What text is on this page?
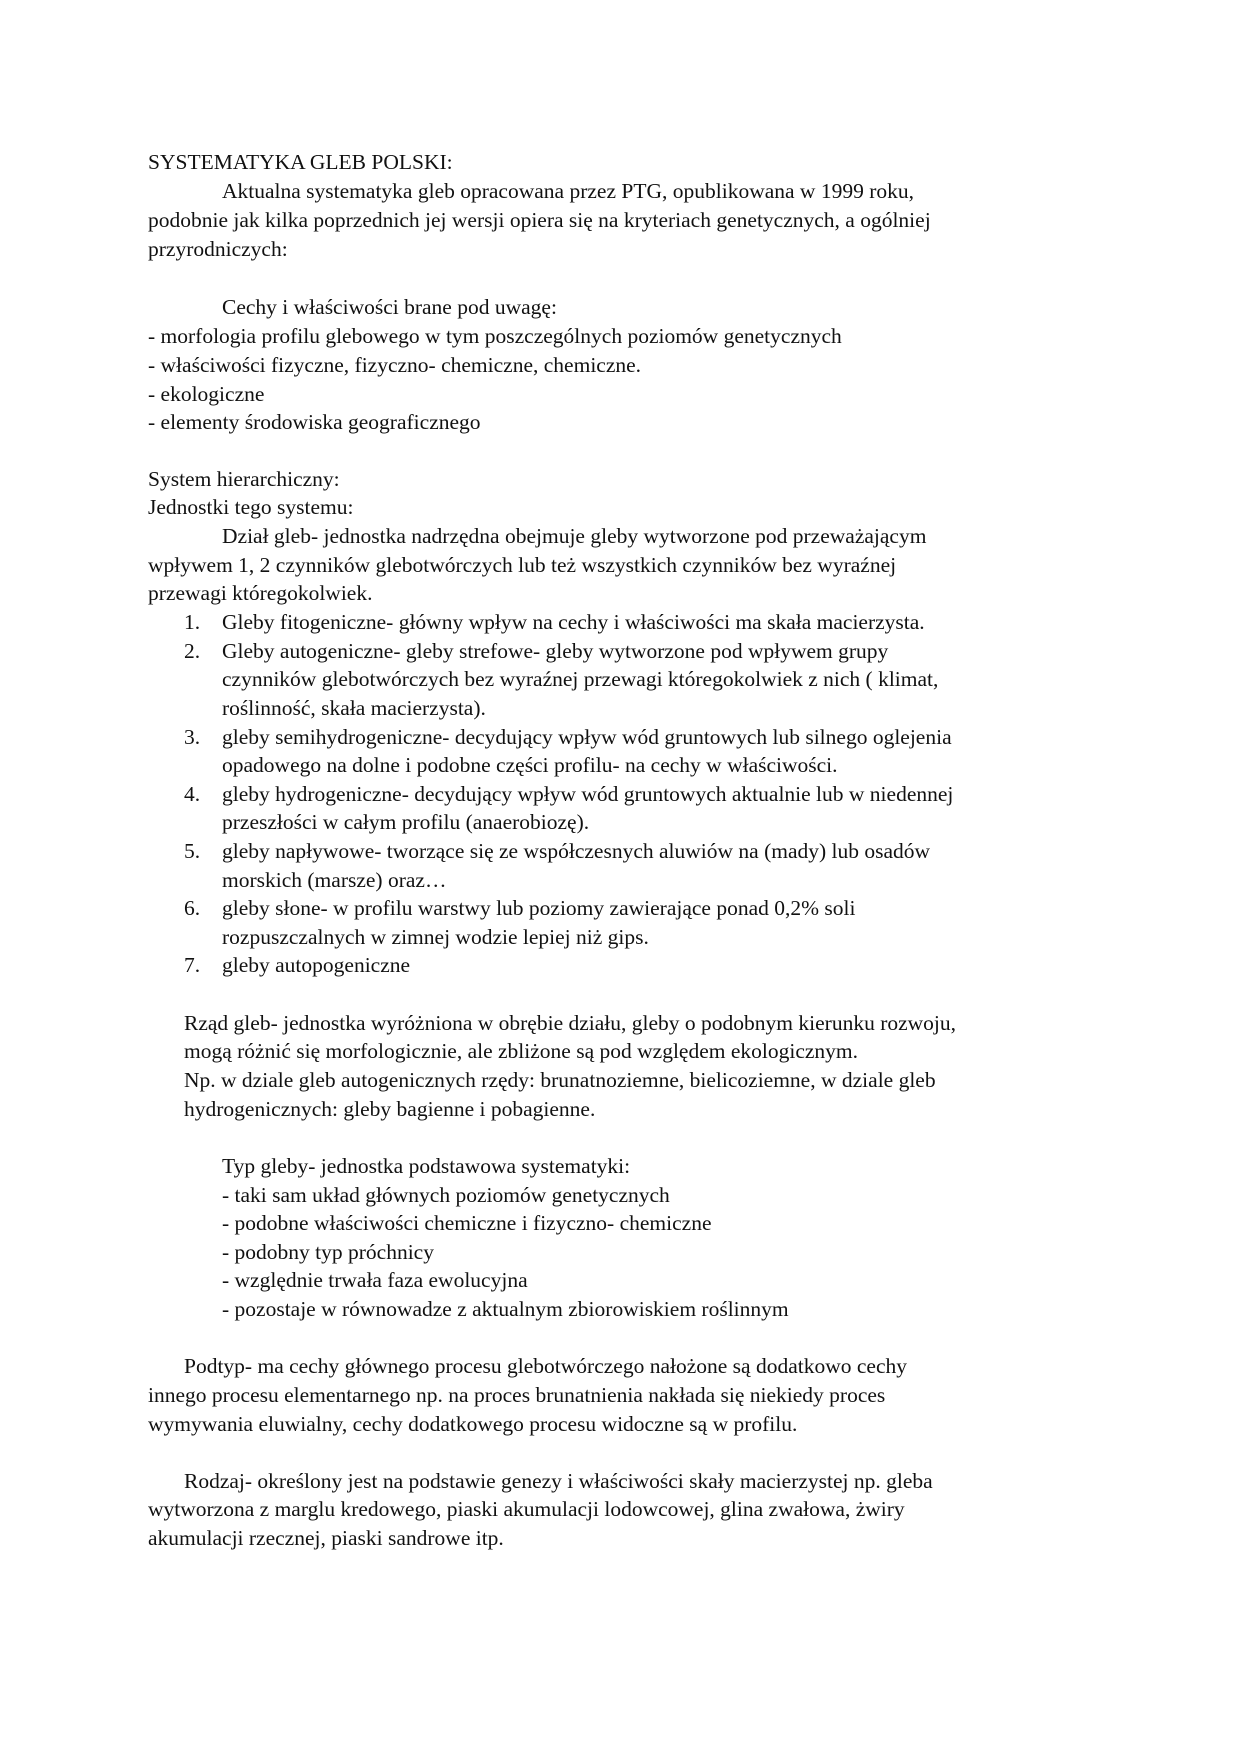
SYSTEMATYKA GLEB POLSKI:
Aktualna systematyka gleb opracowana przez PTG, opublikowana w 1999 roku,
podobnie jak kilka poprzednich jej wersji opiera się na kryteriach genetycznych, a ogólniej
przyrodniczych:
Cechy i właściwości brane pod uwagę:
- morfologia profilu glebowego w tym poszczególnych poziomów genetycznych
- właściwości fizyczne, fizyczno- chemiczne, chemiczne.
- ekologiczne
- elementy środowiska geograficznego
System hierarchiczny:
Jednostki tego systemu:
Dział gleb- jednostka nadrzędna obejmuje gleby wytworzone pod przeważającym
wpływem 1, 2 czynników glebotwórczych lub też wszystkich czynników bez wyraźnej
przewagi któregokolwiek.
1. Gleby fitogeniczne- główny wpływ na cechy i właściwości ma skała macierzysta.
2. Gleby autogeniczne- gleby strefowe- gleby wytworzone pod wpływem grupy
czynników glebotwórczych bez wyraźnej przewagi któregokolwiek z nich ( klimat,
roślinność, skała macierzysta).
3. gleby semihydrogeniczne- decydujący wpływ wód gruntowych lub silnego oglejenia
opadowego na dolne i podobne części profilu- na cechy w właściwości.
4. gleby hydrogeniczne- decydujący wpływ wód gruntowych aktualnie lub w niedennej
przeszłości w całym profilu (anaerobiozę).
5. gleby napływowe- tworzące się ze współczesnych aluwiów na (mady) lub osadów
morskich (marsze) oraz…
6. gleby słone- w profilu warstwy lub poziomy zawierające ponad 0,2% soli
rozpuszczalnych w zimnej wodzie lepiej niż gips.
7. gleby autopogeniczne
Rząd gleb- jednostka wyróżniona w obrębie działu, gleby o podobnym kierunku rozwoju,
mogą różnić się morfologicznie, ale zbliżone są pod względem ekologicznym.
Np. w dziale gleb autogenicznych rzędy: brunatnoziemne, bielicoziemne, w dziale gleb
hydrogenicznych: gleby bagienne i pobagienne.
Typ gleby- jednostka podstawowa systematyki:
- taki sam układ głównych poziomów genetycznych
- podobne właściwości chemiczne i fizyczno- chemiczne
- podobny typ próchnicy
- względnie trwała faza ewolucyjna
- pozostaje w równowadze z aktualnym zbiorowiskiem roślinnym
Podtyp- ma cechy głównego procesu glebotwórczego nałożone są dodatkowo cechy
innego procesu elementarnego np. na proces brunatnienia nakłada się niekiedy proces
wymywania eluwialny, cechy dodatkowego procesu widoczne są w profilu.
Rodzaj- określony jest na podstawie genezy i właściwości skały macierzystej np. gleba
wytworzona z marglu kredowego, piaski akumulacji lodowcowej, glina zwałowa, żwiry
akumulacji rzecznej, piaski sandrowe itp.
